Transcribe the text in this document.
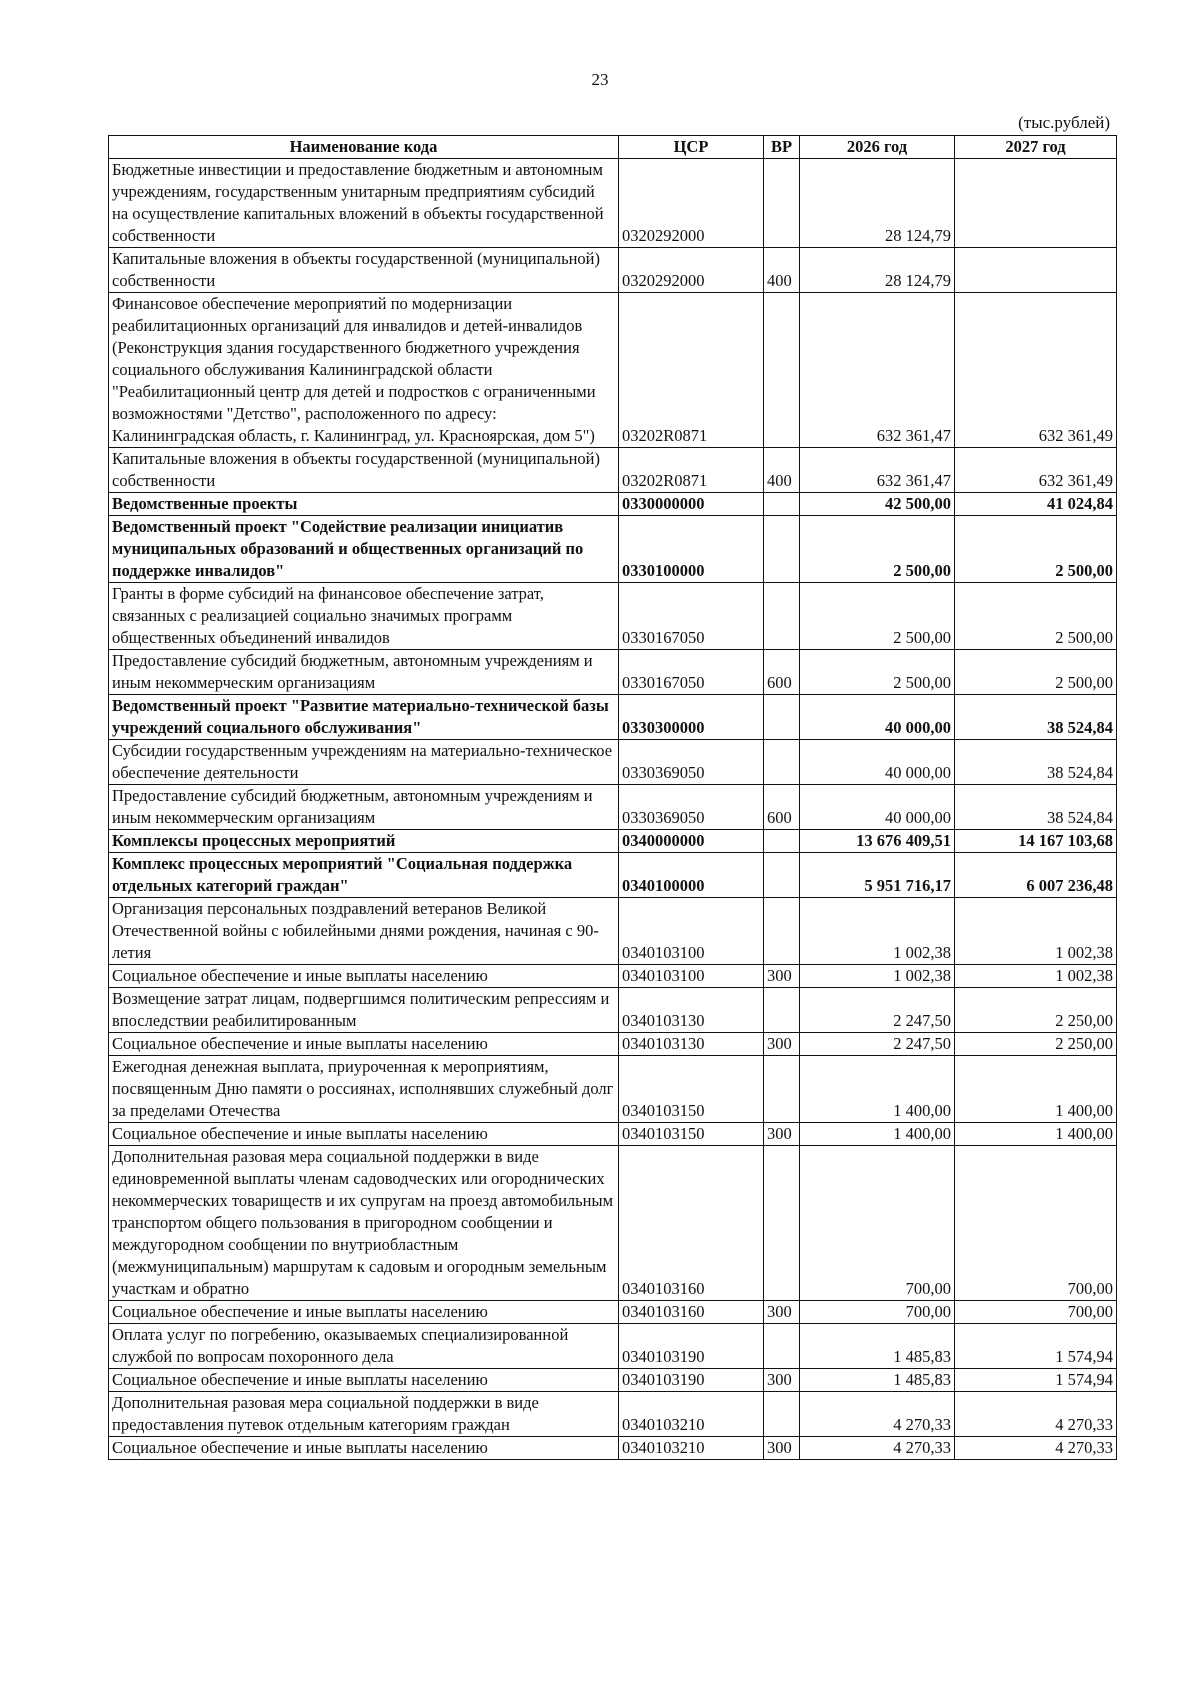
23
(тыс.рублей)
Наименование кода	ЦСР	ВР	2026 год	2027 год
Бюджетные инвестиции и предоставление бюджетным и автономным учреждениям, государственным унитарным предприятиям субсидий на осуществление капитальных вложений в объекты государственной собственности	0320292000		28 124,79	
Капитальные вложения в объекты государственной (муниципальной) собственности	0320292000	400	28 124,79	
Финансовое обеспечение мероприятий по модернизации реабилитационных организаций для инвалидов и детей-инвалидов (Реконструкция здания государственного бюджетного учреждения социального обслуживания Калининградской области "Реабилитационный центр для детей и подростков с ограниченными возможностями "Детство", расположенного по адресу: Калининградская область, г. Калининград, ул. Красноярская, дом 5")	03202R0871		632 361,47	632 361,49
Капитальные вложения в объекты государственной (муниципальной) собственности	03202R0871	400	632 361,47	632 361,49
Ведомственные проекты	0330000000		42 500,00	41 024,84
Ведомственный проект "Содействие реализации инициатив муниципальных образований и общественных организаций по поддержке инвалидов"	0330100000		2 500,00	2 500,00
Гранты в форме субсидий на финансовое обеспечение затрат, связанных с реализацией социально значимых программ общественных объединений инвалидов	0330167050		2 500,00	2 500,00
Предоставление субсидий бюджетным, автономным учреждениям и иным некоммерческим организациям	0330167050	600	2 500,00	2 500,00
Ведомственный проект "Развитие материально-технической базы учреждений социального обслуживания"	0330300000		40 000,00	38 524,84
Субсидии государственным учреждениям на материально-техническое обеспечение деятельности	0330369050		40 000,00	38 524,84
Предоставление субсидий бюджетным, автономным учреждениям и иным некоммерческим организациям	0330369050	600	40 000,00	38 524,84
Комплексы процессных мероприятий	0340000000		13 676 409,51	14 167 103,68
Комплекс процессных мероприятий "Социальная поддержка отдельных категорий граждан"	0340100000		5 951 716,17	6 007 236,48
Организация персональных поздравлений ветеранов Великой Отечественной войны с юбилейными днями рождения, начиная с 90-летия	0340103100		1 002,38	1 002,38
Социальное обеспечение и иные выплаты населению	0340103100	300	1 002,38	1 002,38
Возмещение затрат лицам, подвергшимся политическим репрессиям и впоследствии реабилитированным	0340103130		2 247,50	2 250,00
Социальное обеспечение и иные выплаты населению	0340103130	300	2 247,50	2 250,00
Ежегодная денежная выплата, приуроченная к мероприятиям, посвященным Дню памяти о россиянах, исполнявших служебный долг за пределами Отечества	0340103150		1 400,00	1 400,00
Социальное обеспечение и иные выплаты населению	0340103150	300	1 400,00	1 400,00
Дополнительная разовая мера социальной поддержки в виде единовременной выплаты членам садоводческих или огороднических некоммерческих товариществ и их супругам на проезд автомобильным транспортом общего пользования в пригородном сообщении и междугородном сообщении по внутриобластным (межмуниципальным) маршрутам к садовым и огородным земельным участкам и обратно	0340103160		700,00	700,00
Социальное обеспечение и иные выплаты населению	0340103160	300	700,00	700,00
Оплата услуг по погребению, оказываемых специализированной службой по вопросам похоронного дела	0340103190		1 485,83	1 574,94
Социальное обеспечение и иные выплаты населению	0340103190	300	1 485,83	1 574,94
Дополнительная разовая мера социальной поддержки в виде предоставления путевок отдельным категориям граждан	0340103210		4 270,33	4 270,33
Социальное обеспечение и иные выплаты населению	0340103210	300	4 270,33	4 270,33
